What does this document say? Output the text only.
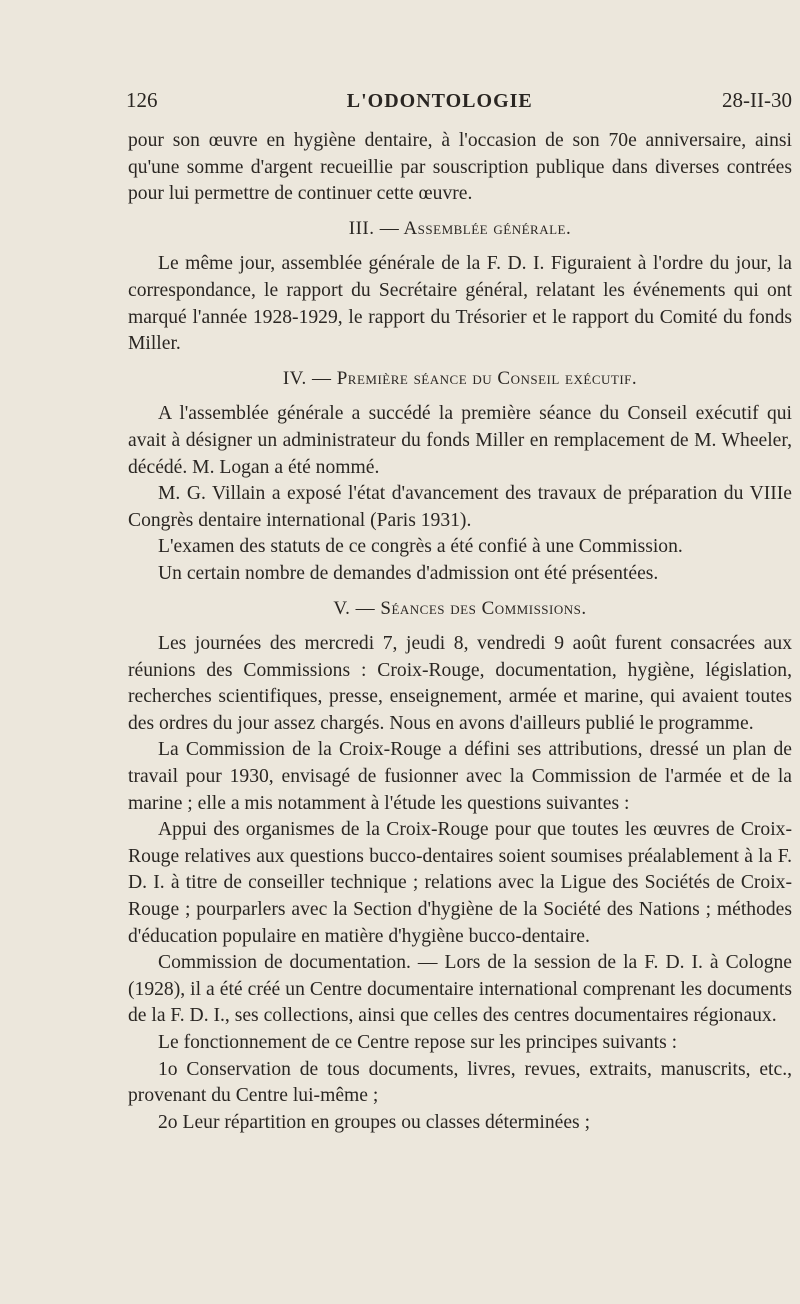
126	L'ODONTOLOGIE	28-II-30

pour son œuvre en hygiène dentaire, à l'occasion de son 70e anniversaire, ainsi qu'une somme d'argent recueillie par souscription publique dans diverses contrées pour lui permettre de continuer cette œuvre.

III. — Assemblée générale.

Le même jour, assemblée générale de la F. D. I. Figuraient à l'ordre du jour, la correspondance, le rapport du Secrétaire général, relatant les événements qui ont marqué l'année 1928-1929, le rapport du Trésorier et le rapport du Comité du fonds Miller.

IV. — Première séance du Conseil exécutif.

A l'assemblée générale a succédé la première séance du Conseil exécutif qui avait à désigner un administrateur du fonds Miller en remplacement de M. Wheeler, décédé. M. Logan a été nommé.

M. G. Villain a exposé l'état d'avancement des travaux de préparation du VIIIe Congrès dentaire international (Paris 1931).

L'examen des statuts de ce congrès a été confié à une Commission.

Un certain nombre de demandes d'admission ont été présentées.

V. — Séances des Commissions.

Les journées des mercredi 7, jeudi 8, vendredi 9 août furent consacrées aux réunions des Commissions : Croix-Rouge, documentation, hygiène, législation, recherches scientifiques, presse, enseignement, armée et marine, qui avaient toutes des ordres du jour assez chargés. Nous en avons d'ailleurs publié le programme.

La Commission de la Croix-Rouge a défini ses attributions, dressé un plan de travail pour 1930, envisagé de fusionner avec la Commission de l'armée et de la marine ; elle a mis notamment à l'étude les questions suivantes :

Appui des organismes de la Croix-Rouge pour que toutes les œuvres de Croix-Rouge relatives aux questions bucco-dentaires soient soumises préalablement à la F. D. I. à titre de conseiller technique ; relations avec la Ligue des Sociétés de Croix-Rouge ; pourparlers avec la Section d'hygiène de la Société des Nations ; méthodes d'éducation populaire en matière d'hygiène bucco-dentaire.

Commission de documentation. — Lors de la session de la F. D. I. à Cologne (1928), il a été créé un Centre documentaire international comprenant les documents de la F. D. I., ses collections, ainsi que celles des centres documentaires régionaux.

Le fonctionnement de ce Centre repose sur les principes suivants :

1o Conservation de tous documents, livres, revues, extraits, manuscrits, etc., provenant du Centre lui-même ;

2o Leur répartition en groupes ou classes déterminées ;
